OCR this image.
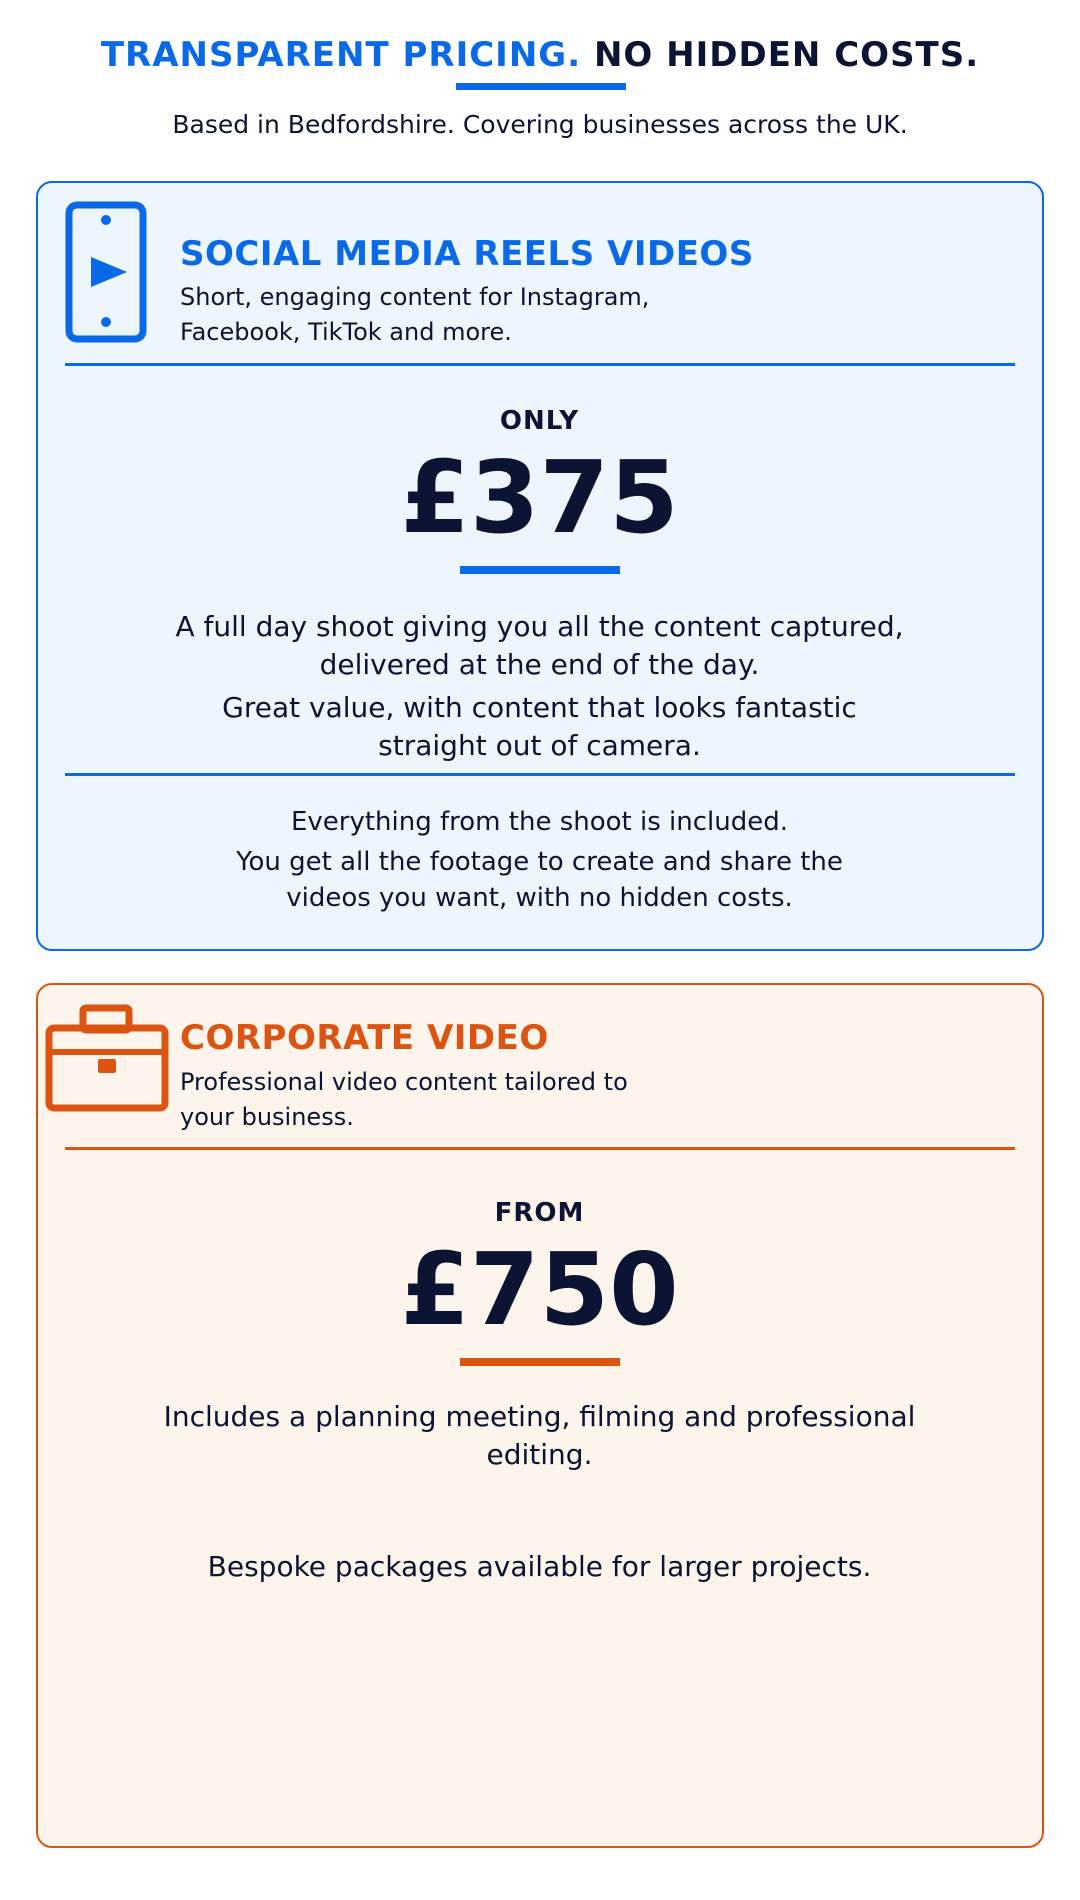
TRANSPARENT PRICING. NO HIDDEN COSTS.
Based in Bedfordshire. Covering businesses across the UK.
SOCIAL MEDIA REELS VIDEOS
Short, engaging content for Instagram, Facebook, TikTok and more.
ONLY
£375
A full day shoot giving you all the content captured, delivered at the end of the day.
Great value, with content that looks fantastic straight out of camera.
Everything from the shoot is included.
You get all the footage to create and share the videos you want, with no hidden costs.
CORPORATE VIDEO
Professional video content tailored to your business.
FROM
£750
Includes a planning meeting, filming and professional editing.
Bespoke packages available for larger projects.
